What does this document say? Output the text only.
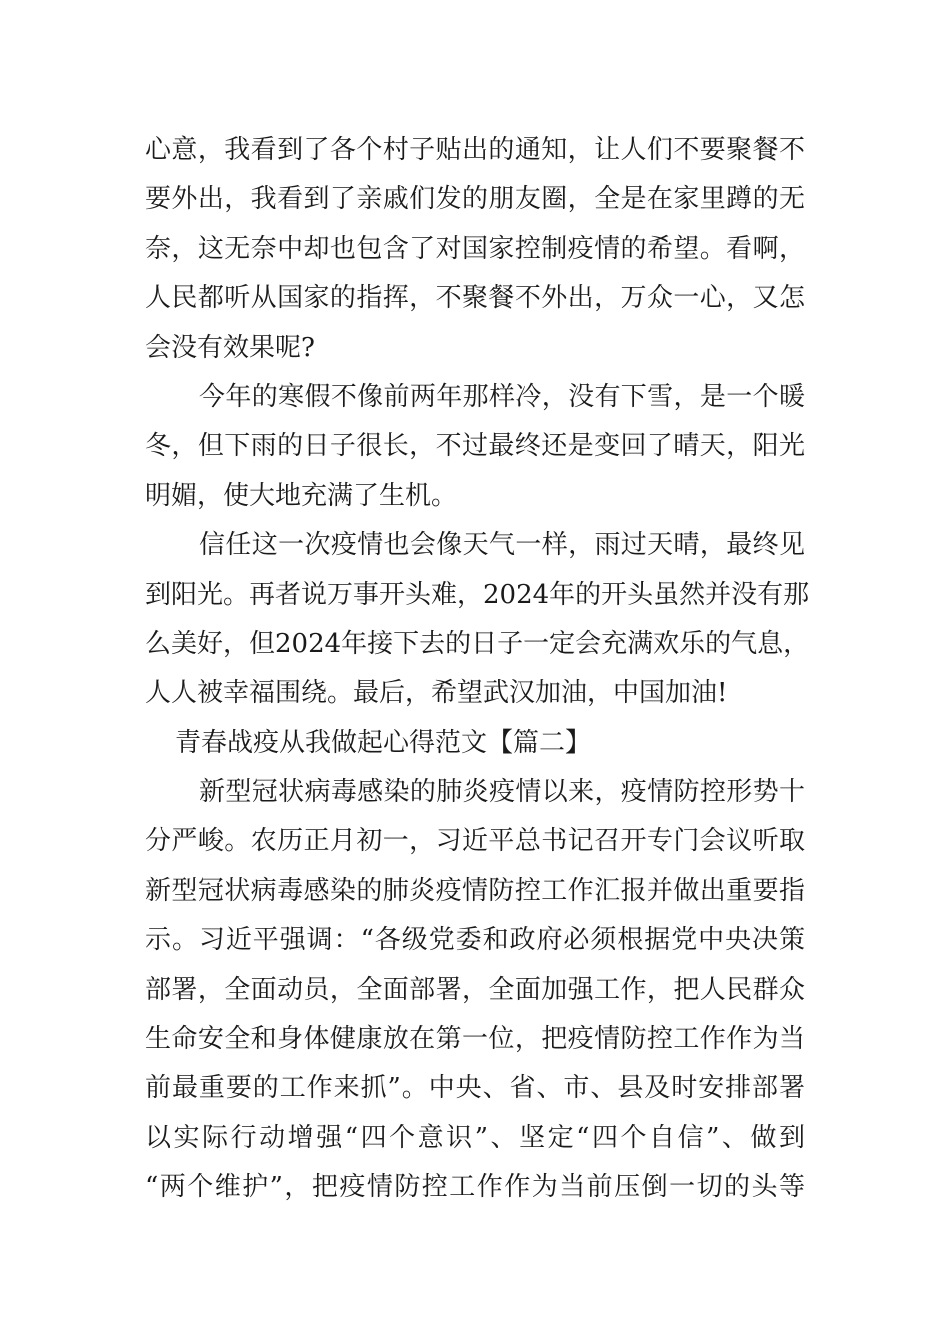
心意，我看到了各个村子贴出的通知，让人们不要聚餐不
要外出，我看到了亲戚们发的朋友圈，全是在家里蹲的无
奈，这无奈中却也包含了对国家控制疫情的希望。看啊，
人民都听从国家的指挥，不聚餐不外出，万众一心，又怎
会没有效果呢?
今年的寒假不像前两年那样冷，没有下雪，是一个暖
冬，但下雨的日子很长，不过最终还是变回了晴天，阳光
明媚，使大地充满了生机。
信任这一次疫情也会像天气一样，雨过天晴，最终见
到阳光。再者说万事开头难，2024年的开头虽然并没有那
么美好，但2024年接下去的日子一定会充满欢乐的气息，
人人被幸福围绕。最后，希望武汉加油，中国加油!
青春战疫从我做起心得范文【篇二】
新型冠状病毒感染的肺炎疫情以来，疫情防控形势十
分严峻。农历正月初一，习近平总书记召开专门会议听取
新型冠状病毒感染的肺炎疫情防控工作汇报并做出重要指
示。习近平强调：“各级党委和政府必须根据党中央决策
部署，全面动员，全面部署，全面加强工作，把人民群众
生命安全和身体健康放在第一位，把疫情防控工作作为当
前最重要的工作来抓”。中央、省、市、县及时安排部署
以实际行动增强“四个意识”、坚定“四个自信”、做到
“两个维护”，把疫情防控工作作为当前压倒一切的头等
